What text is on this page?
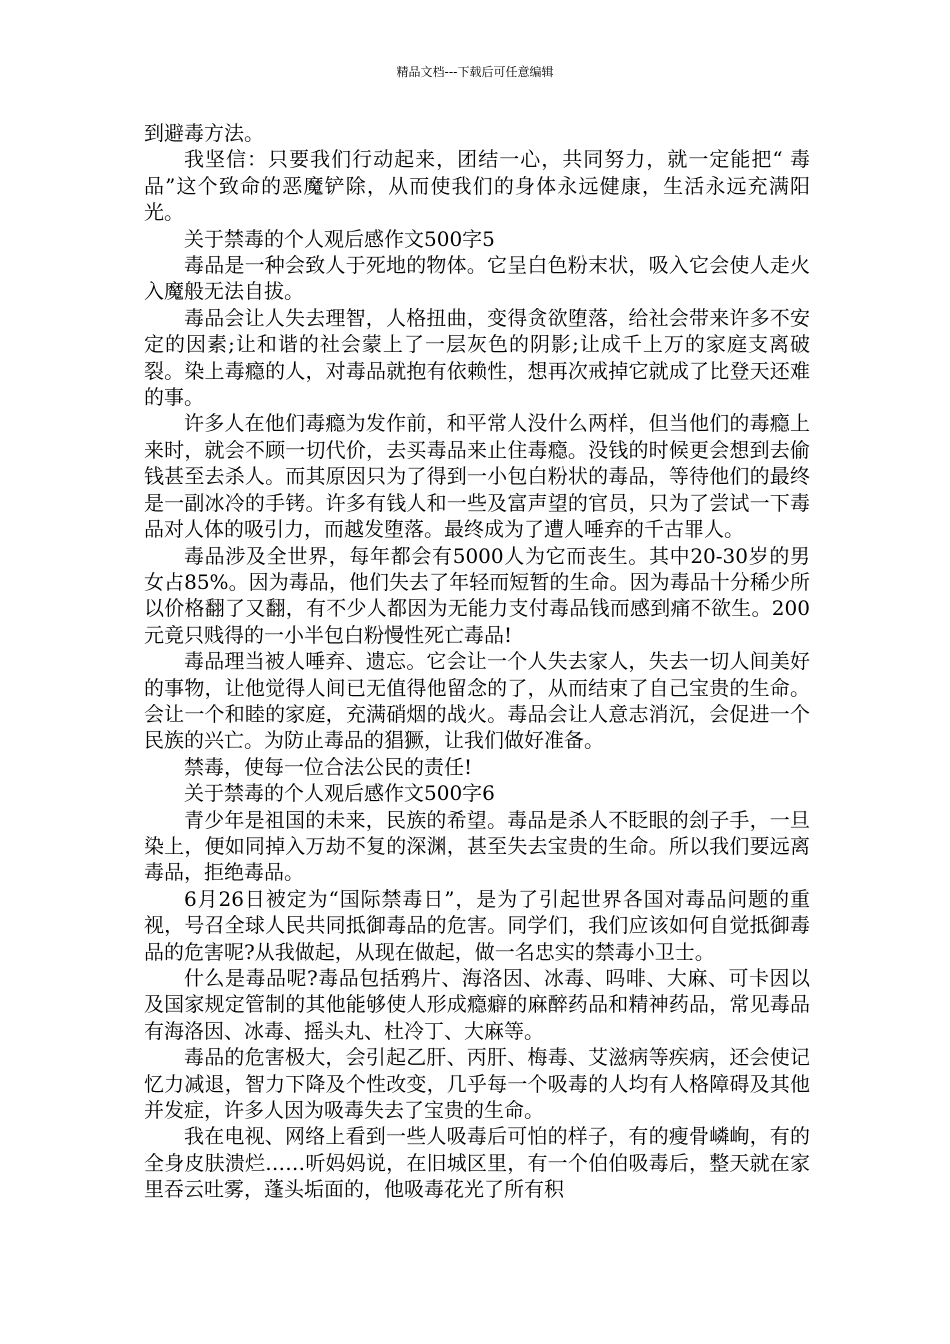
精品文档---下载后可任意编辑

到避毒方法。

我坚信：只要我们行动起来，团结一心，共同努力，就一定能把“ 毒品”这个致命的恶魔铲除，从而使我们的身体永远健康，生活永远充满阳光。

关于禁毒的个人观后感作文500字5

毒品是一种会致人于死地的物体。它呈白色粉末状，吸入它会使人走火入魔般无法自拔。

毒品会让人失去理智，人格扭曲，变得贪欲堕落，给社会带来许多不安定的因素;让和谐的社会蒙上了一层灰色的阴影;让成千上万的家庭支离破裂。染上毒瘾的人，对毒品就抱有依赖性，想再次戒掉它就成了比登天还难的事。

许多人在他们毒瘾为发作前，和平常人没什么两样，但当他们的毒瘾上来时，就会不顾一切代价，去买毒品来止住毒瘾。没钱的时候更会想到去偷钱甚至去杀人。而其原因只为了得到一小包白粉状的毒品，等待他们的最终是一副冰冷的手铐。许多有钱人和一些及富声望的官员，只为了尝试一下毒品对人体的吸引力，而越发堕落。最终成为了遭人唾弃的千古罪人。

毒品涉及全世界，每年都会有5000人为它而丧生。其中20-30岁的男女占85%。因为毒品，他们失去了年轻而短暂的生命。因为毒品十分稀少所以价格翻了又翻，有不少人都因为无能力支付毒品钱而感到痛不欲生。200元竟只贱得的一小半包白粉慢性死亡毒品!

毒品理当被人唾弃、遗忘。它会让一个人失去家人，失去一切人间美好的事物，让他觉得人间已无值得他留念的了，从而结束了自己宝贵的生命。会让一个和睦的家庭，充满硝烟的战火。毒品会让人意志消沉，会促进一个民族的兴亡。为防止毒品的猖獗，让我们做好准备。

禁毒，使每一位合法公民的责任!

关于禁毒的个人观后感作文500字6

青少年是祖国的未来，民族的希望。毒品是杀人不眨眼的刽子手，一旦染上，便如同掉入万劫不复的深渊，甚至失去宝贵的生命。所以我们要远离毒品，拒绝毒品。

6月26日被定为“国际禁毒日”，是为了引起世界各国对毒品问题的重视，号召全球人民共同抵御毒品的危害。同学们，我们应该如何自觉抵御毒品的危害呢?从我做起，从现在做起，做一名忠实的禁毒小卫士。

什么是毒品呢?毒品包括鸦片、海洛因、冰毒、吗啡、大麻、可卡因以及国家规定管制的其他能够使人形成瘾癖的麻醉药品和精神药品，常见毒品有海洛因、冰毒、摇头丸、杜冷丁、大麻等。

毒品的危害极大，会引起乙肝、丙肝、梅毒、艾滋病等疾病，还会使记忆力减退，智力下降及个性改变，几乎每一个吸毒的人均有人格障碍及其他并发症，许多人因为吸毒失去了宝贵的生命。

我在电视、网络上看到一些人吸毒后可怕的样子，有的瘦骨嶙峋，有的全身皮肤溃烂……听妈妈说，在旧城区里，有一个伯伯吸毒后，整天就在家里吞云吐雾，蓬头垢面的，他吸毒花光了所有积
